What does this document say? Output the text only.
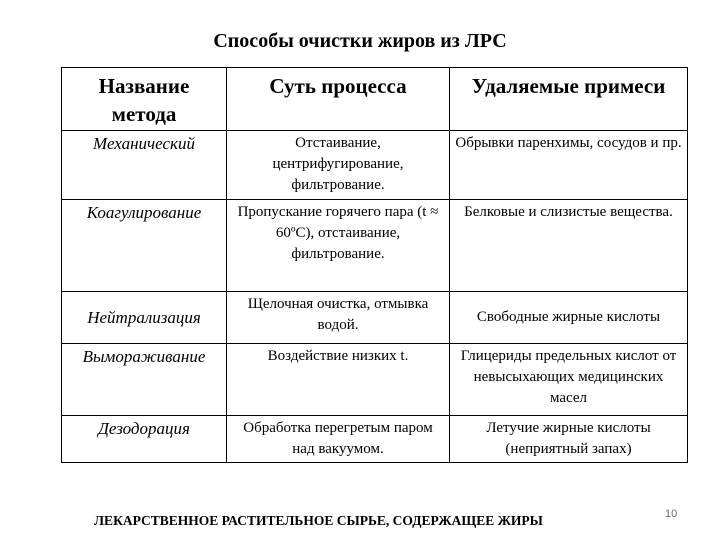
Способы очистки жиров из ЛРС
Название метода	Суть процесса	Удаляемые примеси
Механический	Отстаивание, центрифугирование, фильтрование.	Обрывки паренхимы, сосудов и пр.
Коагулирование	Пропускание горячего пара (t ≈ 60ºС), отстаивание, фильтрование.	Белковые и слизистые вещества.
Нейтрализация	Щелочная очистка, отмывка водой.	Свободные жирные кислоты
Вымораживание	Воздействие низких t.	Глицериды предельных кислот от невысыхающих медицинских масел
Дезодорация	Обработка перегретым паром над вакуумом.	Летучие жирные кислоты (неприятный запах)
ЛЕКАРСТВЕННОЕ РАСТИТЕЛЬНОЕ СЫРЬЕ, СОДЕРЖАЩЕЕ ЖИРЫ	10
